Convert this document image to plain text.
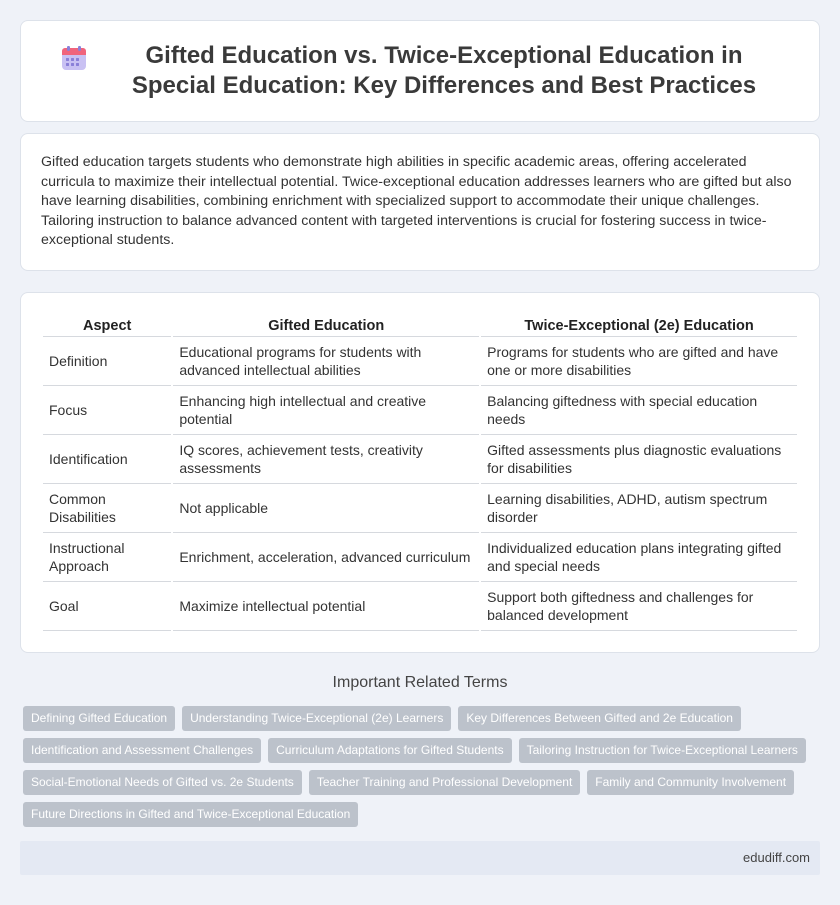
Gifted Education vs. Twice-Exceptional Education in Special Education: Key Differences and Best Practices

Gifted education targets students who demonstrate high abilities in specific academic areas, offering accelerated curricula to maximize their intellectual potential. Twice-exceptional education addresses learners who are gifted but also have learning disabilities, combining enrichment with specialized support to accommodate their unique challenges. Tailoring instruction to balance advanced content with targeted interventions is crucial for fostering success in twice-exceptional students.

Aspect	Gifted Education	Twice-Exceptional (2e) Education
Definition	Educational programs for students with advanced intellectual abilities	Programs for students who are gifted and have one or more disabilities
Focus	Enhancing high intellectual and creative potential	Balancing giftedness with special education needs
Identification	IQ scores, achievement tests, creativity assessments	Gifted assessments plus diagnostic evaluations for disabilities
Common Disabilities	Not applicable	Learning disabilities, ADHD, autism spectrum disorder
Instructional Approach	Enrichment, acceleration, advanced curriculum	Individualized education plans integrating gifted and special needs
Goal	Maximize intellectual potential	Support both giftedness and challenges for balanced development
Important Related Terms
Defining Gifted Education	Understanding Twice-Exceptional (2e) Learners	Key Differences Between Gifted and 2e Education
Identification and Assessment Challenges	Curriculum Adaptations for Gifted Students	Tailoring Instruction for Twice-Exceptional Learners
Social-Emotional Needs of Gifted vs. 2e Students	Teacher Training and Professional Development	Family and Community Involvement
Future Directions in Gifted and Twice-Exceptional Education
edudiff.com
